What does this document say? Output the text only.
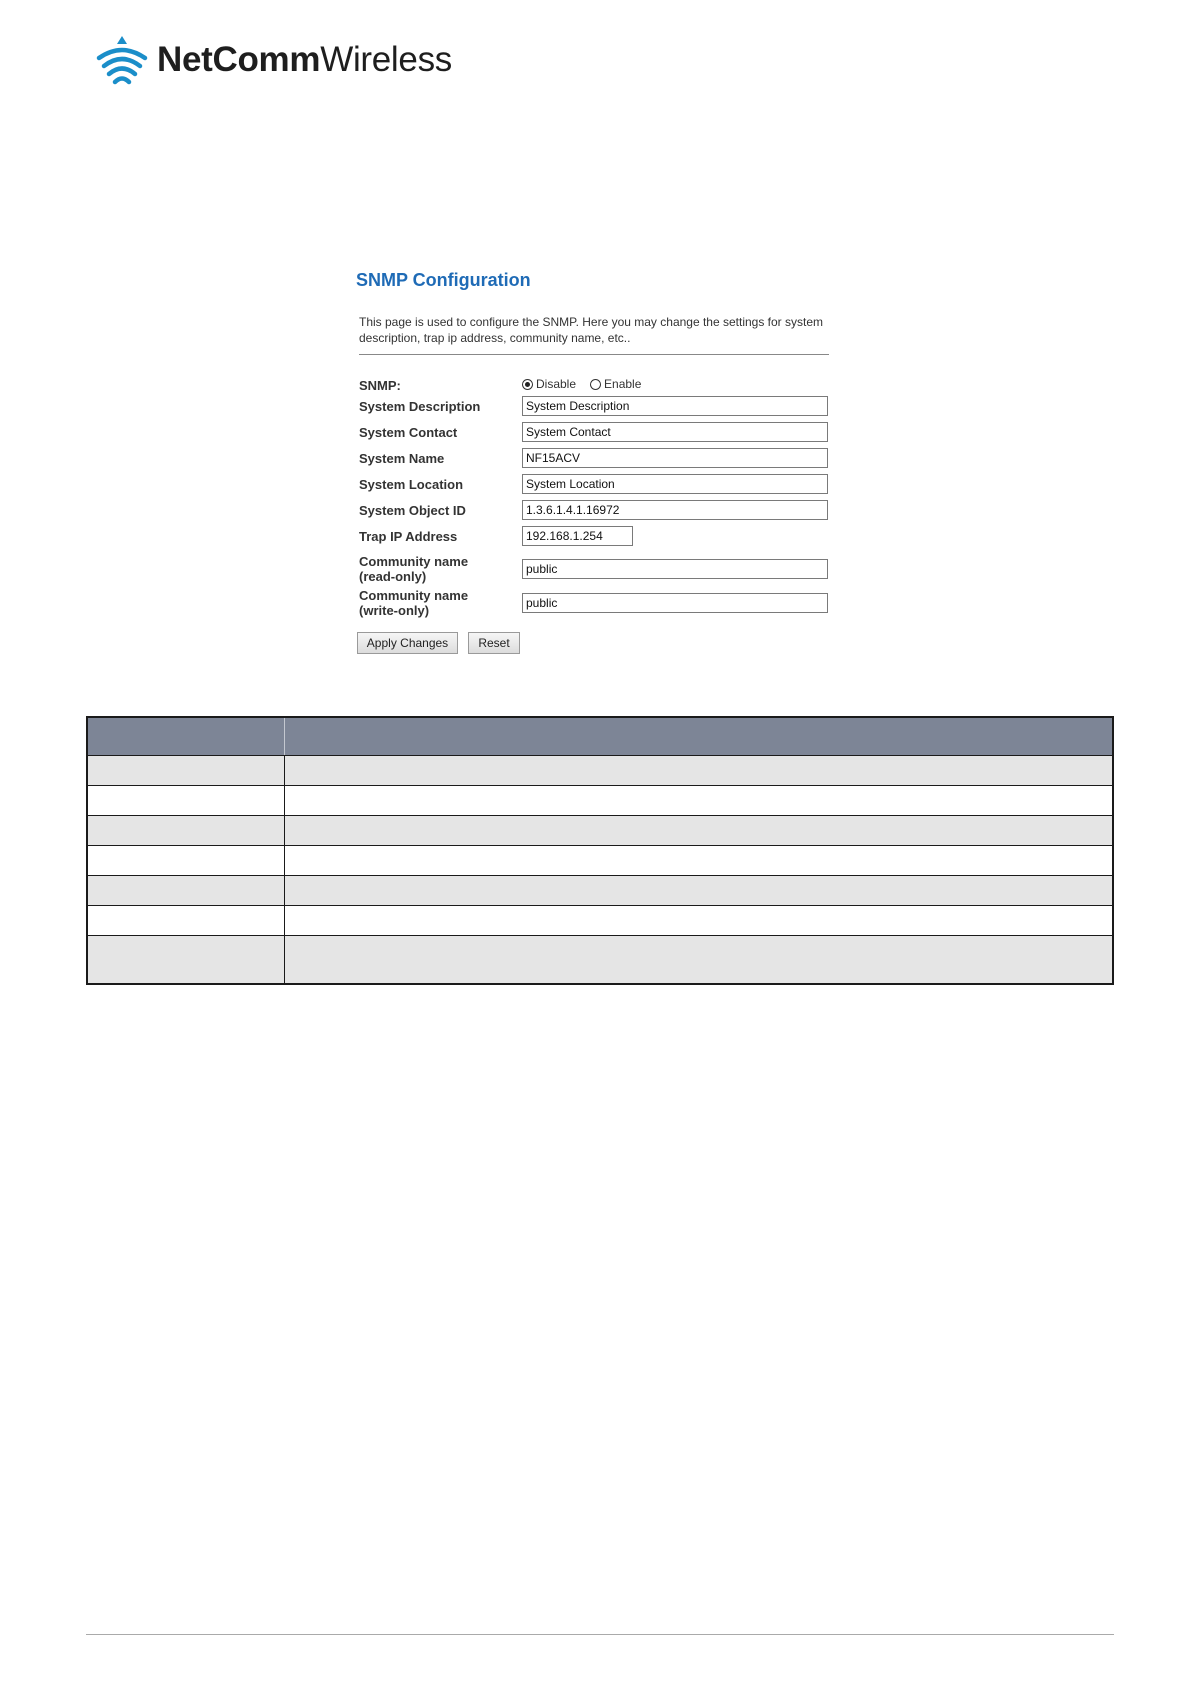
NetCommWireless
SNMP Configuration
This page is used to configure the SNMP. Here you may change the settings for system description, trap ip address, community name, etc..
SNMP:	Disable Enable
System Description
System Description
System Contact
System Contact
System Name
NF15ACV
System Location
System Location
System Object ID
1.3.6.1.4.1.16972
Trap IP Address
192.168.1.254
Community name
(read-only)
public
Community name
(write-only)
public
Apply Changes	Reset
